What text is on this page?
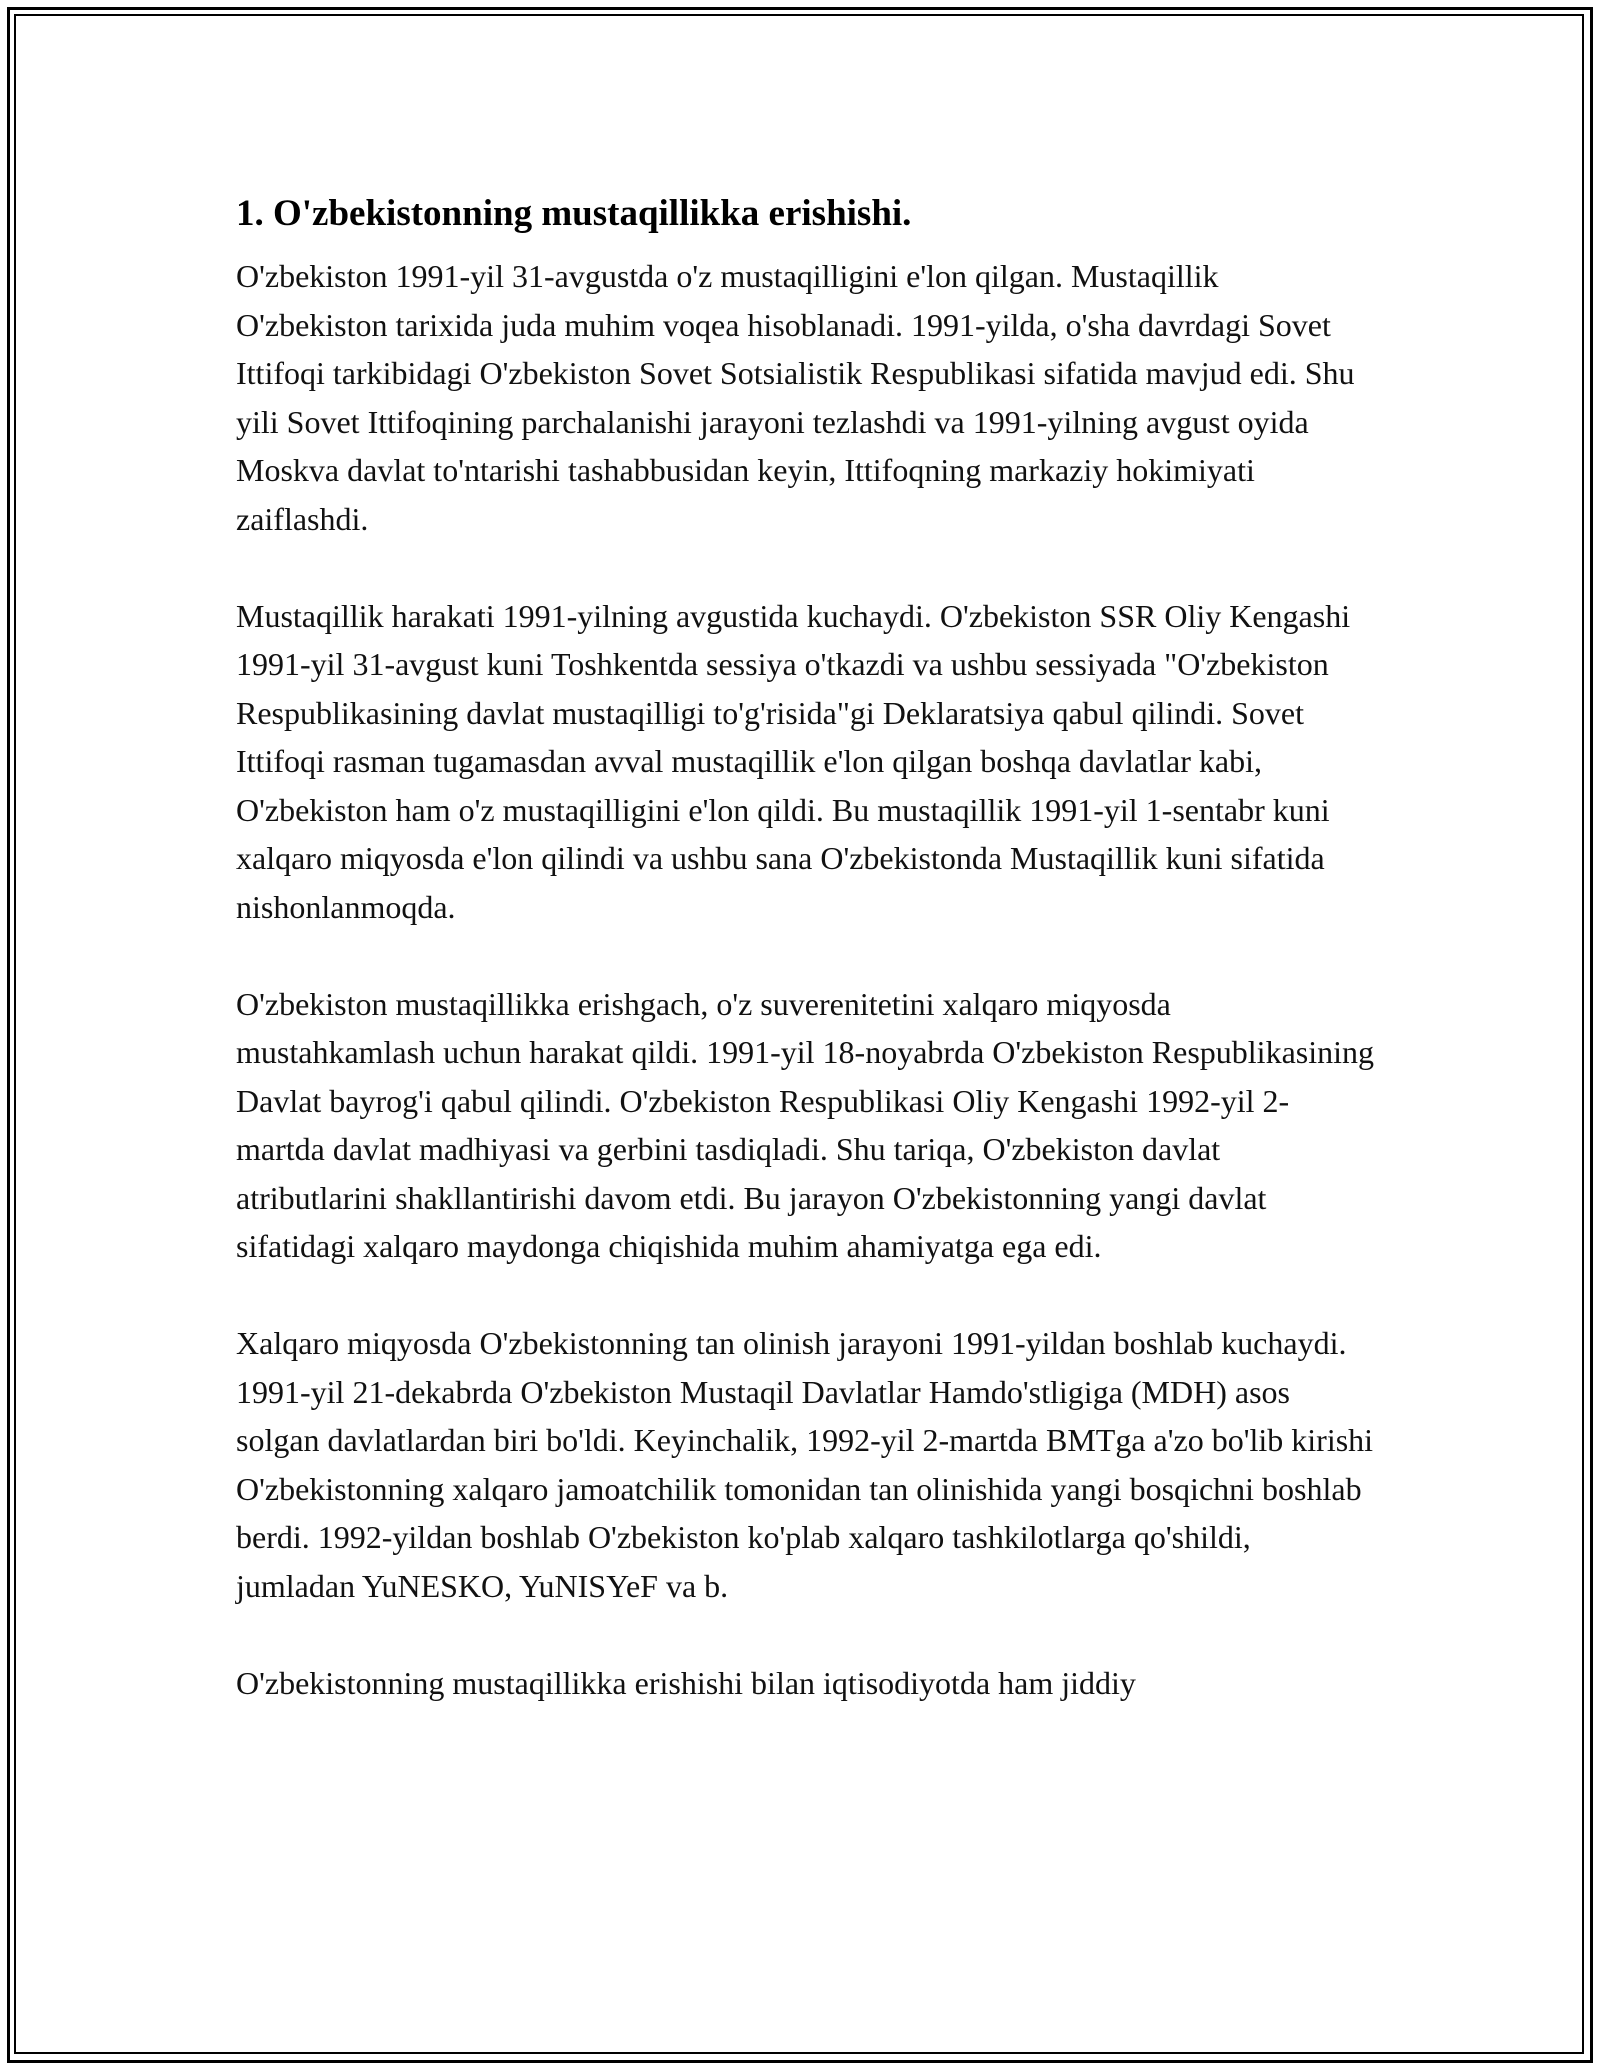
1. O'zbekistonning mustaqillikka erishishi.

O'zbekiston 1991-yil 31-avgustda o'z mustaqilligini e'lon qilgan. Mustaqillik O'zbekiston tarixida juda muhim voqea hisoblanadi. 1991-yilda, o'sha davrdagi Sovet Ittifoqi tarkibidagi O'zbekiston Sovet Sotsialistik Respublikasi sifatida mavjud edi. Shu yili Sovet Ittifoqining parchalanishi jarayoni tezlashdi va 1991-yilning avgust oyida Moskva davlat to'ntarishi tashabbusidan keyin, Ittifoqning markaziy hokimiyati zaiflashdi.

Mustaqillik harakati 1991-yilning avgustida kuchaydi. O'zbekiston SSR Oliy Kengashi 1991-yil 31-avgust kuni Toshkentda sessiya o'tkazdi va ushbu sessiyada "O'zbekiston Respublikasining davlat mustaqilligi to'g'risida"gi Deklaratsiya qabul qilindi. Sovet Ittifoqi rasman tugamasdan avval mustaqillik e'lon qilgan boshqa davlatlar kabi, O'zbekiston ham o'z mustaqilligini e'lon qildi. Bu mustaqillik 1991-yil 1-sentabr kuni xalqaro miqyosda e'lon qilindi va ushbu sana O'zbekistonda Mustaqillik kuni sifatida nishonlanmoqda.

O'zbekiston mustaqillikka erishgach, o'z suverenitetini xalqaro miqyosda mustahkamlash uchun harakat qildi. 1991-yil 18-noyabrda O'zbekiston Respublikasining Davlat bayrog'i qabul qilindi. O'zbekiston Respublikasi Oliy Kengashi 1992-yil 2-martda davlat madhiyasi va gerbini tasdiqladi. Shu tariqa, O'zbekiston davlat atributlarini shakllantirishi davom etdi. Bu jarayon O'zbekistonning yangi davlat sifatidagi xalqaro maydonga chiqishida muhim ahamiyatga ega edi.

Xalqaro miqyosda O'zbekistonning tan olinish jarayoni 1991-yildan boshlab kuchaydi. 1991-yil 21-dekabrda O'zbekiston Mustaqil Davlatlar Hamdo'stligiga (MDH) asos solgan davlatlardan biri bo'ldi. Keyinchalik, 1992-yil 2-martda BMTga a'zo bo'lib kirishi O'zbekistonning xalqaro jamoatchilik tomonidan tan olinishida yangi bosqichni boshlab berdi. 1992-yildan boshlab O'zbekiston ko'plab xalqaro tashkilotlarga qo'shildi, jumladan YuNESKO, YuNISYeF va b.

O'zbekistonning mustaqillikka erishishi bilan iqtisodiyotda ham jiddiy
